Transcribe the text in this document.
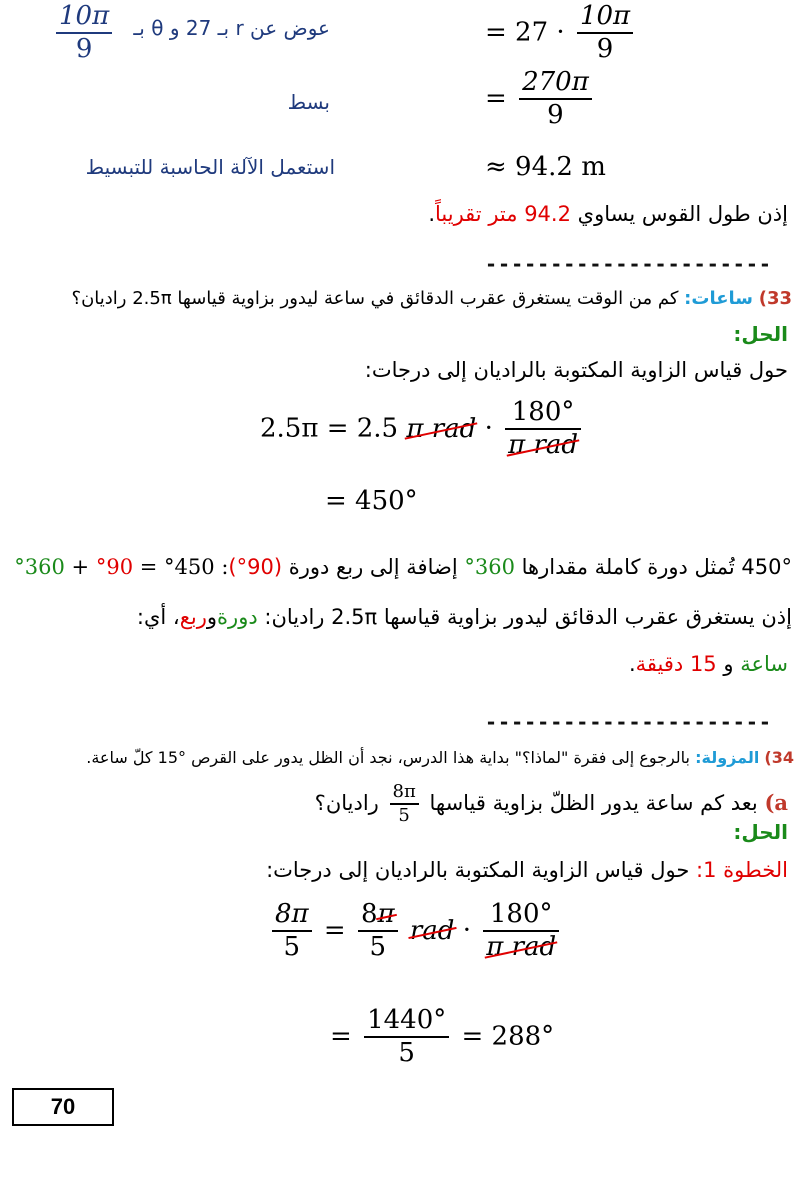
$\frac{10\pi}{9}$	عوض عن r بـ 27 و θ بـ	= $27 \cdot \frac{10\pi}{9}$
بسط	= $\frac{270\pi}{9}$
استعمل الآلة الحاسبة للتبسيط	≈ 94.2 m
إذن طول القوس يساوي 94.2 متر تقريباً.
----------------------
33) ساعات: كم من الوقت يستغرق عقرب الدقائق في ساعة ليدور بزاوية قياسها 2.5π راديان؟
الحل:
حول قياس الزاوية المكتوبة بالراديان إلى درجات:
2.5π = 2.5 π rad · $\frac{180^\circ}{\text{π rad}}$
= 450°
450° تُمثل دورة كاملة مقدارها 360° إضافة إلى ربع دورة (90°): 450° = 90° + 360°
إذن يستغرق عقرب الدقائق ليدور بزاوية قياسها 2.5π راديان: دورةوربع، أي:
ساعة و 15 دقيقة.
----------------------
34) المزولة: بالرجوع إلى فقرة "لماذا؟" بداية هذا الدرس، نجد أن الظل يدور على القرص °15 كلّ ساعة.
a) بعد كم ساعة يدور الظلّ بزاوية قياسها
$\frac{8\pi}{5}$
راديان؟
الحل:
الخطوة 1: حول قياس الزاوية المكتوبة بالراديان إلى درجات:
$\frac{8\pi}{5} = \frac{8\pi}{5}$ rad · $\frac{180^\circ}{\text{π rad}}$
= $\frac{1440^\circ}{5} = 288^\circ$
70
